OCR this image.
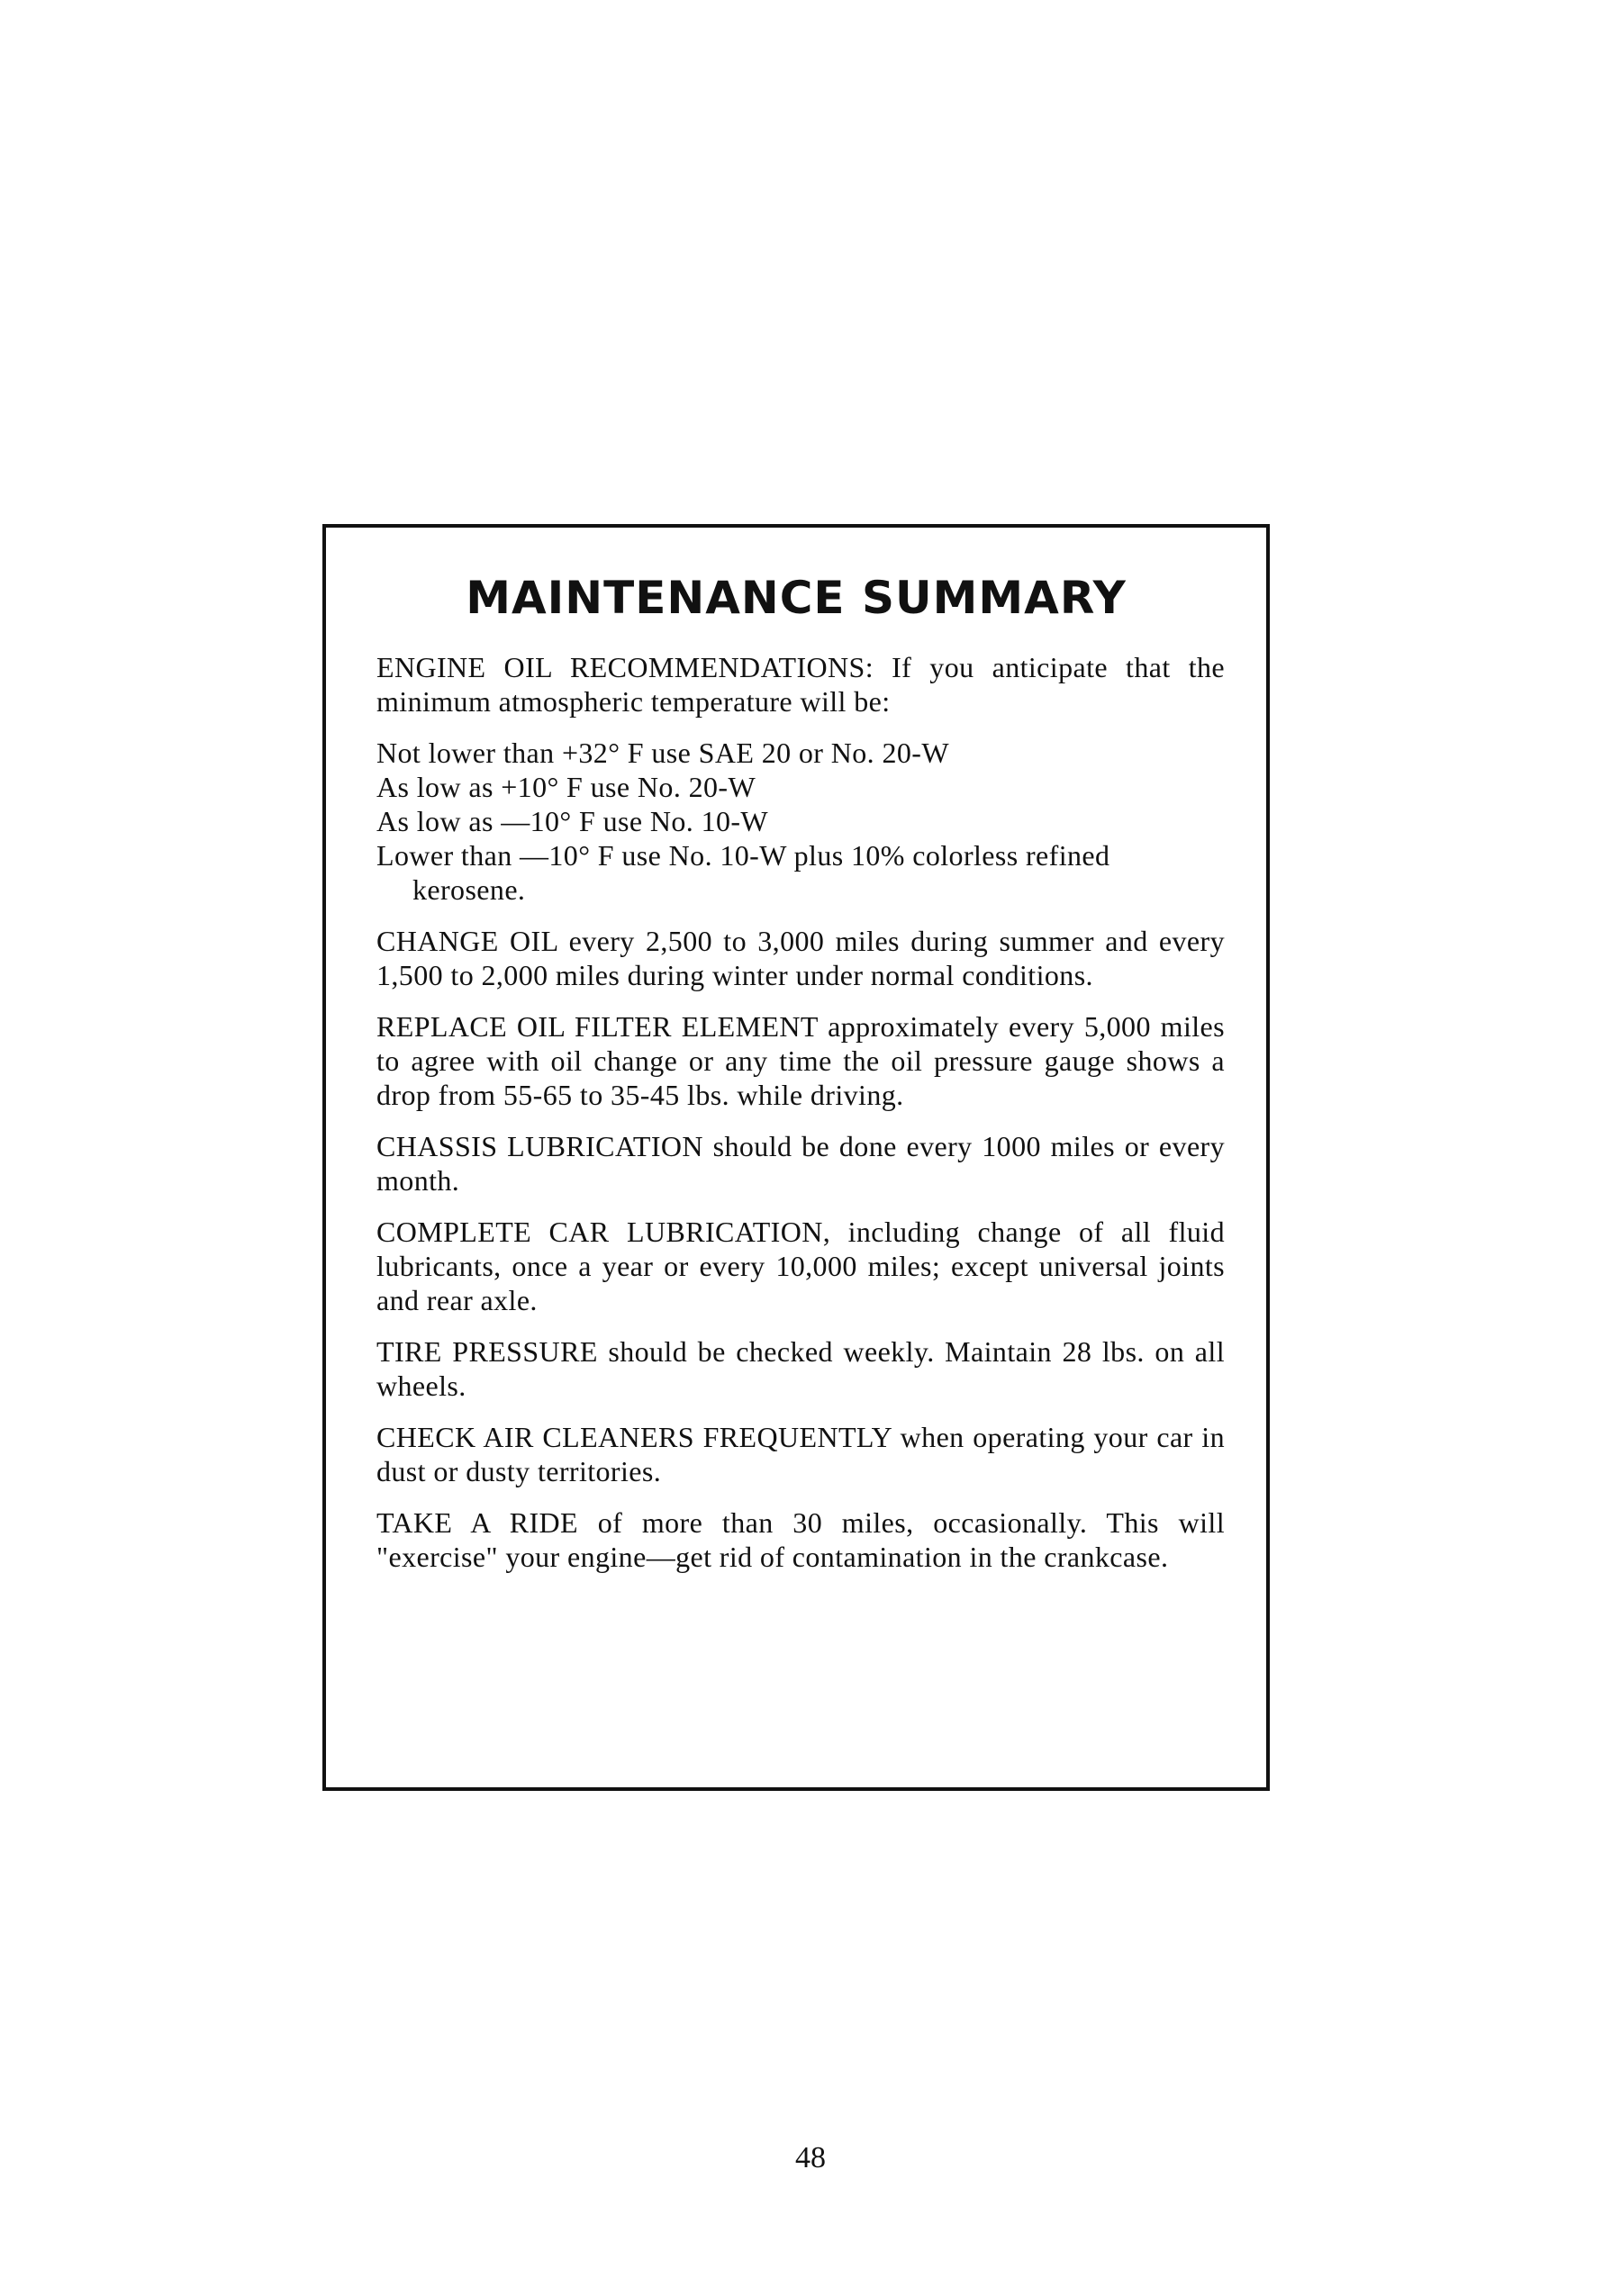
MAINTENANCE SUMMARY

ENGINE OIL RECOMMENDATIONS: If you anticipate that the minimum atmospheric temperature will be:

Not lower than +32° F use SAE 20 or No. 20-W
As low as +10° F use No. 20-W
As low as —10° F use No. 10-W
Lower than —10° F use No. 10-W plus 10% colorless refined kerosene.

CHANGE OIL every 2,500 to 3,000 miles during summer and every 1,500 to 2,000 miles during winter under normal conditions.

REPLACE OIL FILTER ELEMENT approximately every 5,000 miles to agree with oil change or any time the oil pressure gauge shows a drop from 55-65 to 35-45 lbs. while driving.

CHASSIS LUBRICATION should be done every 1000 miles or every month.

COMPLETE CAR LUBRICATION, including change of all fluid lubricants, once a year or every 10,000 miles; except universal joints and rear axle.

TIRE PRESSURE should be checked weekly. Maintain 28 lbs. on all wheels.

CHECK AIR CLEANERS FREQUENTLY when operating your car in dust or dusty territories.

TAKE A RIDE of more than 30 miles, occasionally. This will "exercise" your engine—get rid of contamination in the crankcase.

48
